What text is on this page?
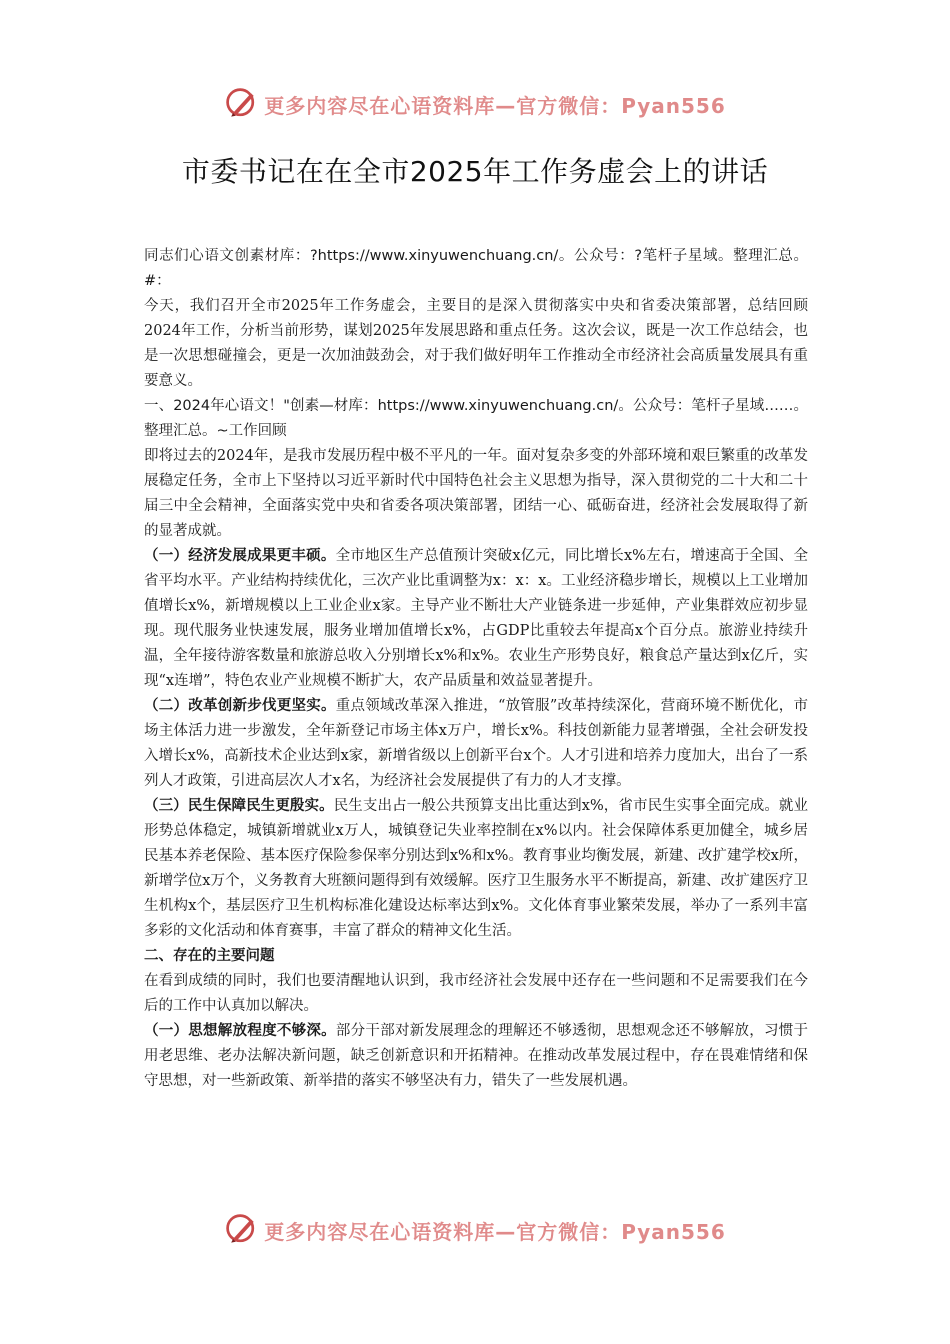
更多内容尽在心语资料库—官方微信：Pyan556
市委书记在在全市2025年工作务虚会上的讲话

同志们心语文创素材库：?https://www.xinyuwenchuang.cn/。公众号：?笔杆子星域。整理汇总。#：

今天，我们召开全市2025年工作务虚会，主要目的是深入贯彻落实中央和省委决策部署，总结回顾2024年工作，分析当前形势，谋划2025年发展思路和重点任务。这次会议，既是一次工作总结会，也是一次思想碰撞会，更是一次加油鼓劲会，对于我们做好明年工作推动全市经济社会高质量发展具有重要意义。

一、2024年心语文！"创素—材库：https://www.xinyuwenchuang.cn/。公众号：笔杆子星域……。整理汇总。~工作回顾

即将过去的2024年，是我市发展历程中极不平凡的一年。面对复杂多变的外部环境和艰巨繁重的改革发展稳定任务，全市上下坚持以习近平新时代中国特色社会主义思想为指导，深入贯彻党的二十大和二十届三中全会精神，全面落实党中央和省委各项决策部署，团结一心、砥砺奋进，经济社会发展取得了新的显著成就。

（一）经济发展成果更丰硕。全市地区生产总值预计突破x亿元，同比增长x%左右，增速高于全国、全省平均水平。产业结构持续优化，三次产业比重调整为x：x：x。工业经济稳步增长，规模以上工业增加值增长x%，新增规模以上工业企业x家。主导产业不断壮大产业链条进一步延伸，产业集群效应初步显现。现代服务业快速发展，服务业增加值增长x%，占GDP比重较去年提高x个百分点。旅游业持续升温，全年接待游客数量和旅游总收入分别增长x%和x%。农业生产形势良好，粮食总产量达到x亿斤，实现“x连增”，特色农业产业规模不断扩大，农产品质量和效益显著提升。

（二）改革创新步伐更坚实。重点领域改革深入推进，“放管服”改革持续深化，营商环境不断优化，市场主体活力进一步激发，全年新登记市场主体x万户，增长x%。科技创新能力显著增强，全社会研发投入增长x%，高新技术企业达到x家，新增省级以上创新平台x个。人才引进和培养力度加大，出台了一系列人才政策，引进高层次人才x名，为经济社会发展提供了有力的人才支撑。

（三）民生保障民生更殷实。民生支出占一般公共预算支出比重达到x%，省市民生实事全面完成。就业形势总体稳定，城镇新增就业x万人，城镇登记失业率控制在x%以内。社会保障体系更加健全，城乡居民基本养老保险、基本医疗保险参保率分别达到x%和x%。教育事业均衡发展，新建、改扩建学校x所，新增学位x万个，义务教育大班额问题得到有效缓解。医疗卫生服务水平不断提高，新建、改扩建医疗卫生机构x个，基层医疗卫生机构标准化建设达标率达到x%。文化体育事业繁荣发展，举办了一系列丰富多彩的文化活动和体育赛事，丰富了群众的精神文化生活。

二、存在的主要问题

在看到成绩的同时，我们也要清醒地认识到，我市经济社会发展中还存在一些问题和不足需要我们在今后的工作中认真加以解决。

（一）思想解放程度不够深。部分干部对新发展理念的理解还不够透彻，思想观念还不够解放，习惯于用老思维、老办法解决新问题，缺乏创新意识和开拓精神。在推动改革发展过程中，存在畏难情绪和保守思想，对一些新政策、新举措的落实不够坚决有力，错失了一些发展机遇。

更多内容尽在心语资料库—官方微信：Pyan556
